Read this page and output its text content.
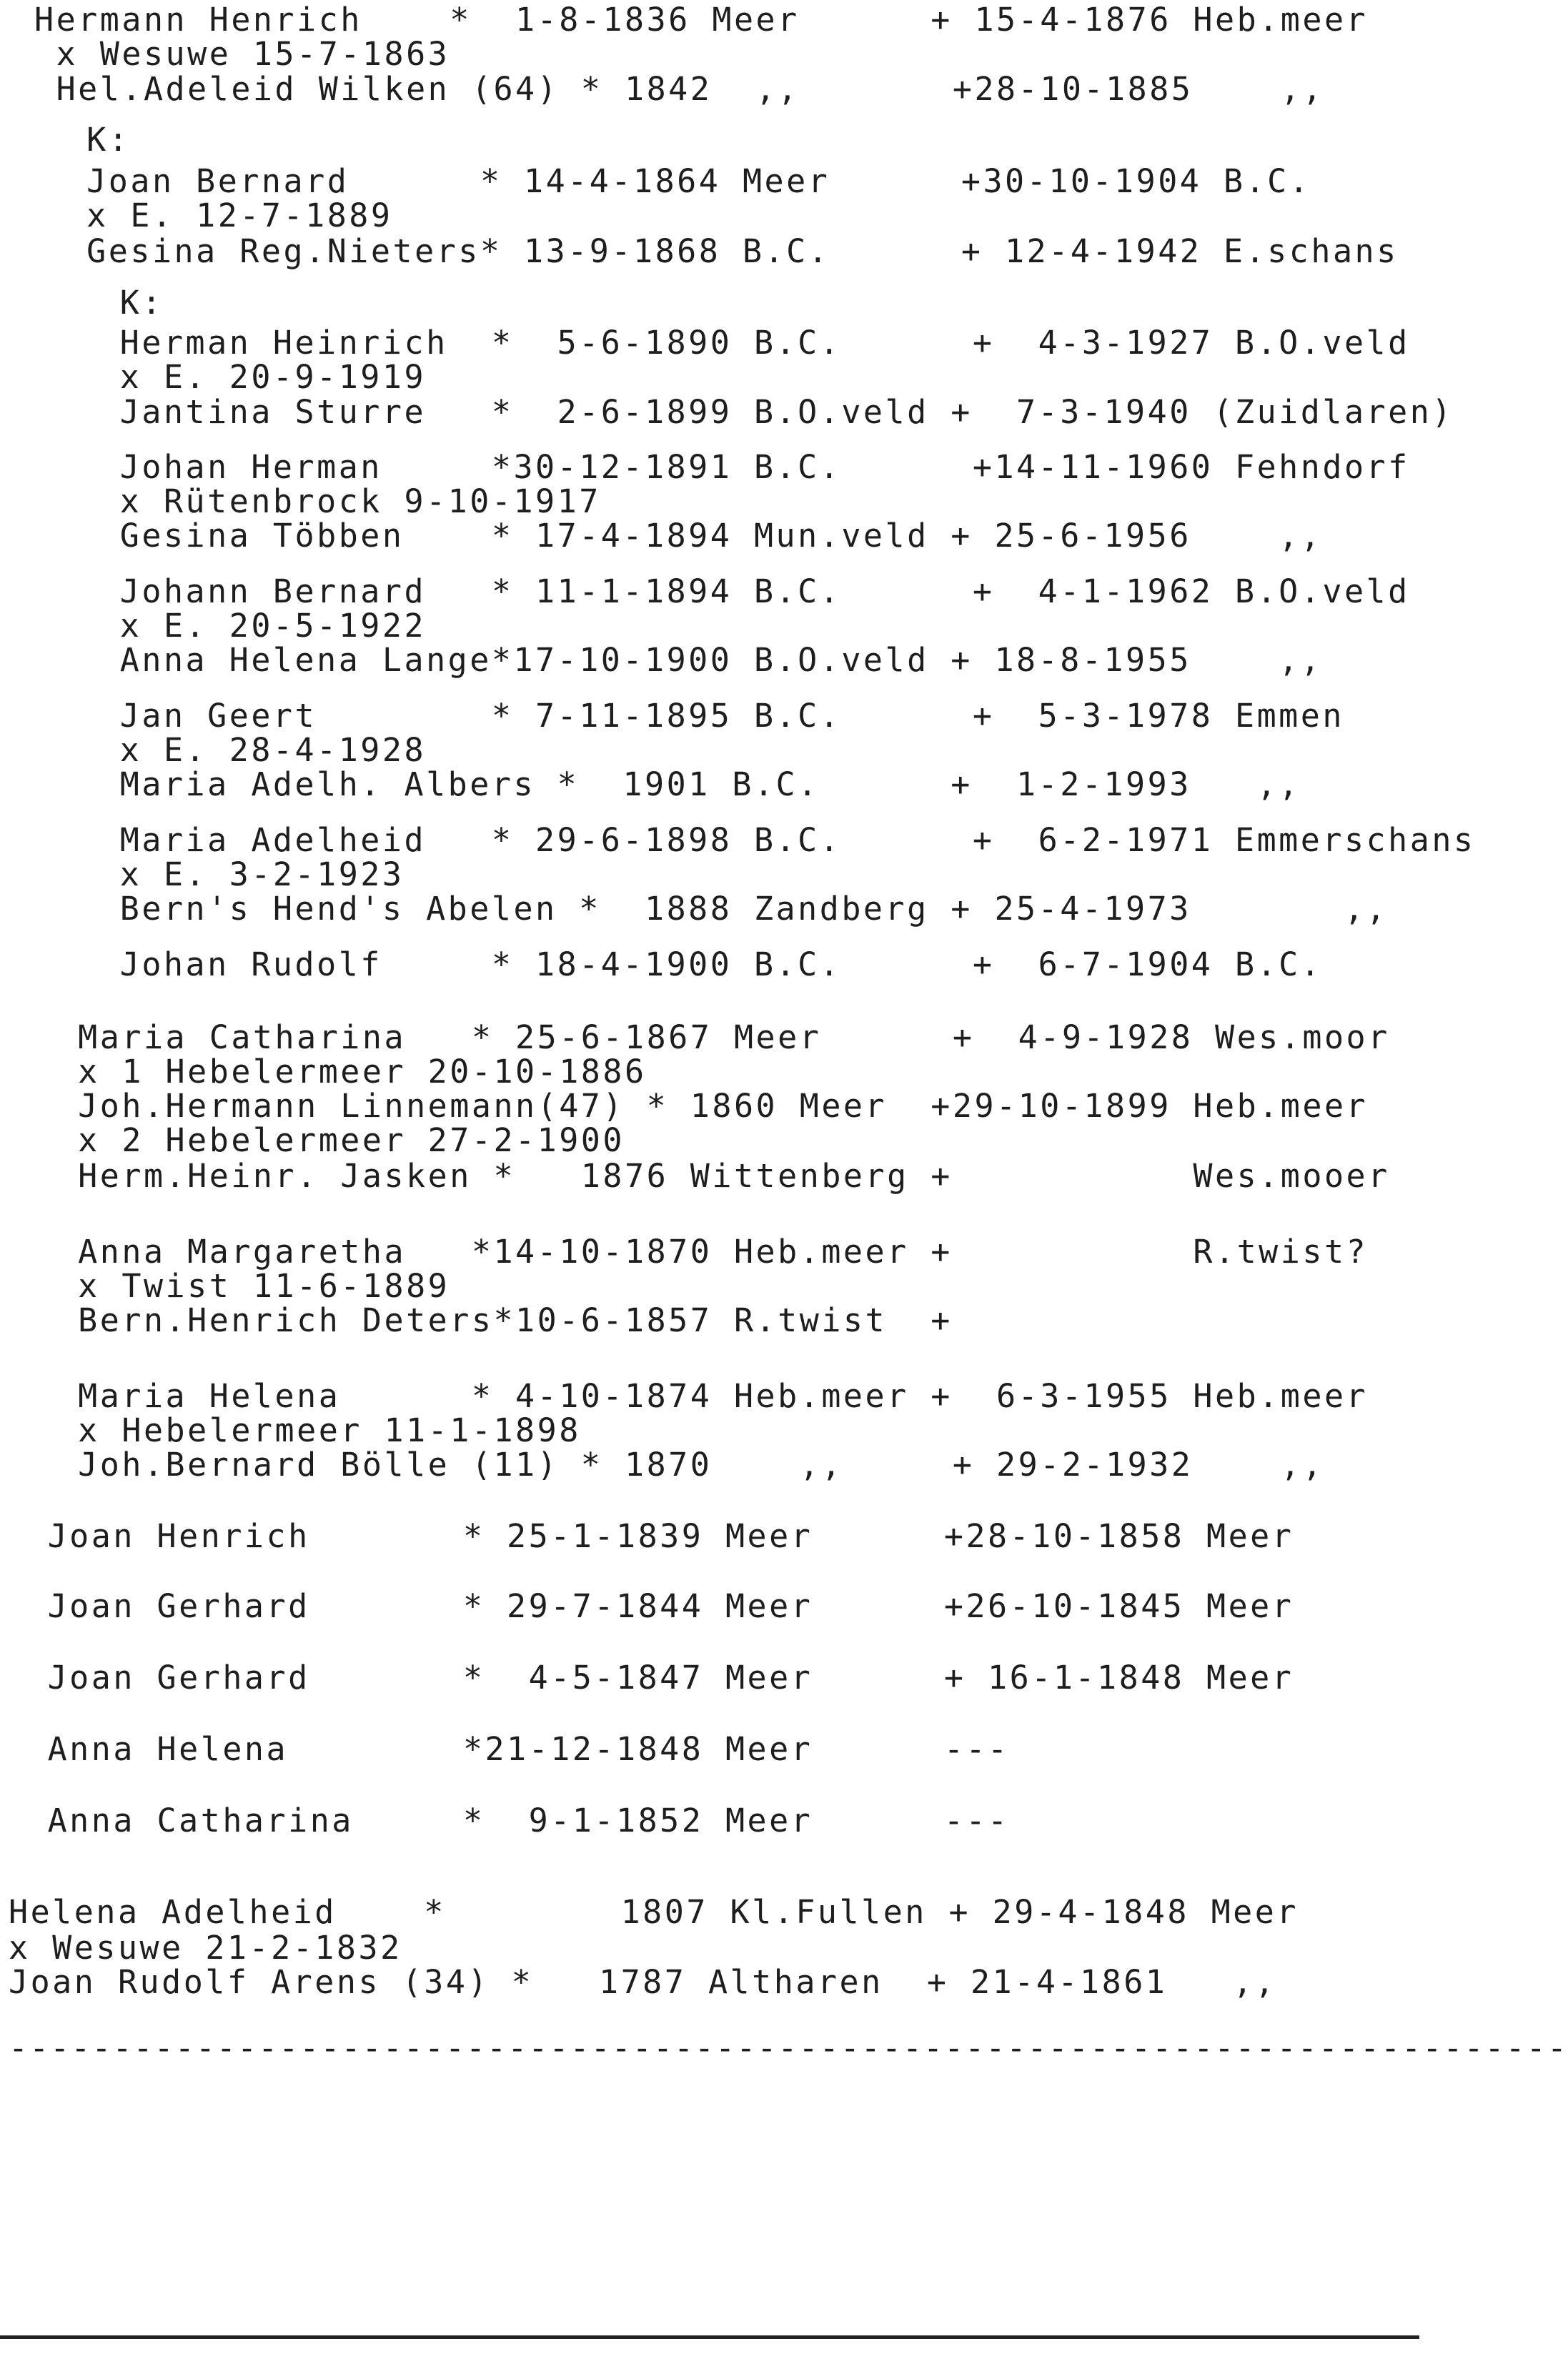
Hermann Henrich    *  1-8-1836 Meer      + 15-4-1876 Heb.meer
x Wesuwe 15-7-1863
Hel.Adeleid Wilken (64) * 1842  ,,       +28-10-1885    ,,
K:
Joan Bernard      * 14-4-1864 Meer      +30-10-1904 B.C.
x E. 12-7-1889
Gesina Reg.Nieters* 13-9-1868 B.C.      + 12-4-1942 E.schans
K:
Herman Heinrich  *  5-6-1890 B.C.      +  4-3-1927 B.O.veld
x E. 20-9-1919
Jantina Sturre   *  2-6-1899 B.O.veld +  7-3-1940 (Zuidlaren)
Johan Herman     *30-12-1891 B.C.      +14-11-1960 Fehndorf
x Rütenbrock 9-10-1917
Gesina Többen    * 17-4-1894 Mun.veld + 25-6-1956    ,,
Johann Bernard   * 11-1-1894 B.C.      +  4-1-1962 B.O.veld
x E. 20-5-1922
Anna Helena Lange*17-10-1900 B.O.veld + 18-8-1955    ,,
Jan Geert        * 7-11-1895 B.C.      +  5-3-1978 Emmen
x E. 28-4-1928
Maria Adelh. Albers *  1901 B.C.      +  1-2-1993   ,,
Maria Adelheid   * 29-6-1898 B.C.      +  6-2-1971 Emmerschans
x E. 3-2-1923
Bern's Hend's Abelen *  1888 Zandberg + 25-4-1973       ,,
Johan Rudolf     * 18-4-1900 B.C.      +  6-7-1904 B.C.
Maria Catharina   * 25-6-1867 Meer      +  4-9-1928 Wes.moor
x 1 Hebelermeer 20-10-1886
Joh.Hermann Linnemann(47) * 1860 Meer  +29-10-1899 Heb.meer
x 2 Hebelermeer 27-2-1900
Herm.Heinr. Jasken *   1876 Wittenberg +           Wes.mooer
Anna Margaretha   *14-10-1870 Heb.meer +           R.twist?
x Twist 11-6-1889
Bern.Henrich Deters*10-6-1857 R.twist  +
Maria Helena      * 4-10-1874 Heb.meer +  6-3-1955 Heb.meer
x Hebelermeer 11-1-1898
Joh.Bernard Bölle (11) * 1870    ,,     + 29-2-1932    ,,
Joan Henrich       * 25-1-1839 Meer      +28-10-1858 Meer
Joan Gerhard       * 29-7-1844 Meer      +26-10-1845 Meer
Joan Gerhard       *  4-5-1847 Meer      + 16-1-1848 Meer
Anna Helena        *21-12-1848 Meer      ---
Anna Catharina     *  9-1-1852 Meer      ---
Helena Adelheid    *        1807 Kl.Fullen + 29-4-1848 Meer
x Wesuwe 21-2-1832
Joan Rudolf Arens (34) *   1787 Altharen  + 21-4-1861   ,,
---------------------------------------------------------------------------
